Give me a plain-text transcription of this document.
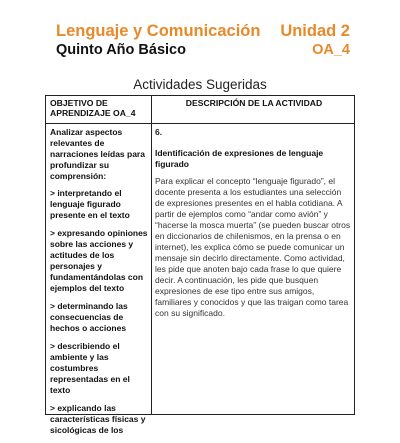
Lenguaje y Comunicación
Quinto Año Básico
Unidad 2
OA_4
Actividades Sugeridas
OBJETIVO DE APRENDIZAJE OA_4
DESCRIPCIÓN DE LA ACTIVIDAD

Analizar aspectos relevantes de narraciones leídas para profundizar su comprensión:

> interpretando el lenguaje figurado presente en el texto

> expresando opiniones sobre las acciones y actitudes de los personajes y fundamentándolas con ejemplos del texto

> determinando las consecuencias de hechos o acciones

> describiendo el ambiente y las costumbres representadas en el texto

> explicando las características físicas y sicológicas de los

6.

Identificación de expresiones de lenguaje figurado

Para explicar el concepto “lenguaje figurado”, el docente presenta a los estudiantes una selección de expresiones presentes en el habla cotidiana. A partir de ejemplos como “andar como avión” y “hacerse la mosca muerta” (se pueden buscar otros en diccionarios de chilenismos, en la prensa o en internet), les explica cómo se puede comunicar un mensaje sin decirlo directamente. Como actividad, les pide que anoten bajo cada frase lo que quiere decir. A continuación, les pide que busquen expresiones de ese tipo entre sus amigos, familiares y conocidos y que las traigan como tarea con su significado.
